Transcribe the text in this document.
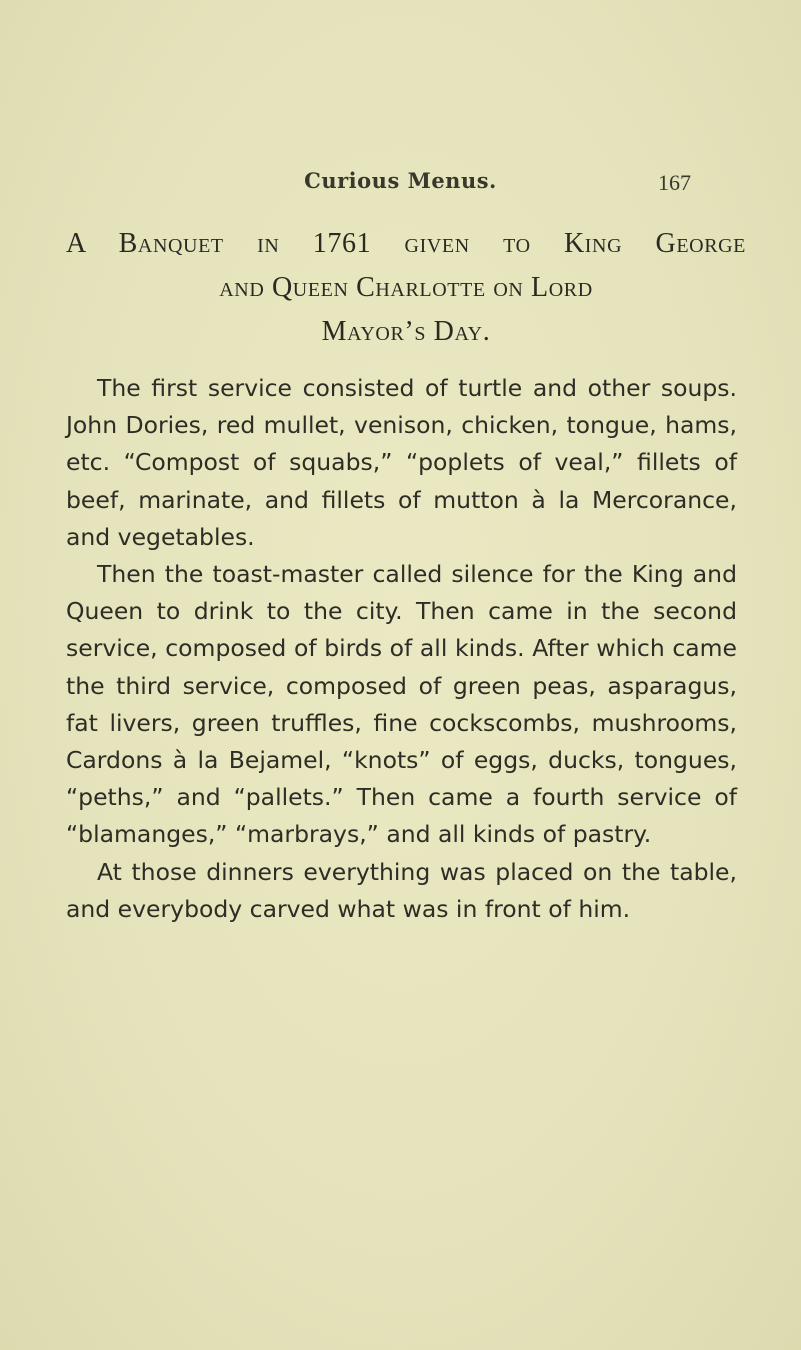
Curious Menus.	167
A Banquet in 1761 given to King George
and Queen Charlotte on Lord
Mayor’s Day.

The first service consisted of turtle and other soups. John Dories, red mullet, venison, chicken, tongue, hams, etc. “Compost of squabs,” “poplets of veal,” fillets of beef, marinate, and fillets of mutton à la Mercorance, and vegetables.

Then the toast-master called silence for the King and Queen to drink to the city. Then came in the second service, composed of birds of all kinds. After which came the third service, composed of green peas, asparagus, fat livers, green truffles, fine cockscombs, mushrooms, Cardons à la Bejamel, “knots” of eggs, ducks, tongues, “peths,” and “pallets.” Then came a fourth service of “blamanges,” “marbrays,” and all kinds of pastry.

At those dinners everything was placed on the table, and everybody carved what was in front of him.
